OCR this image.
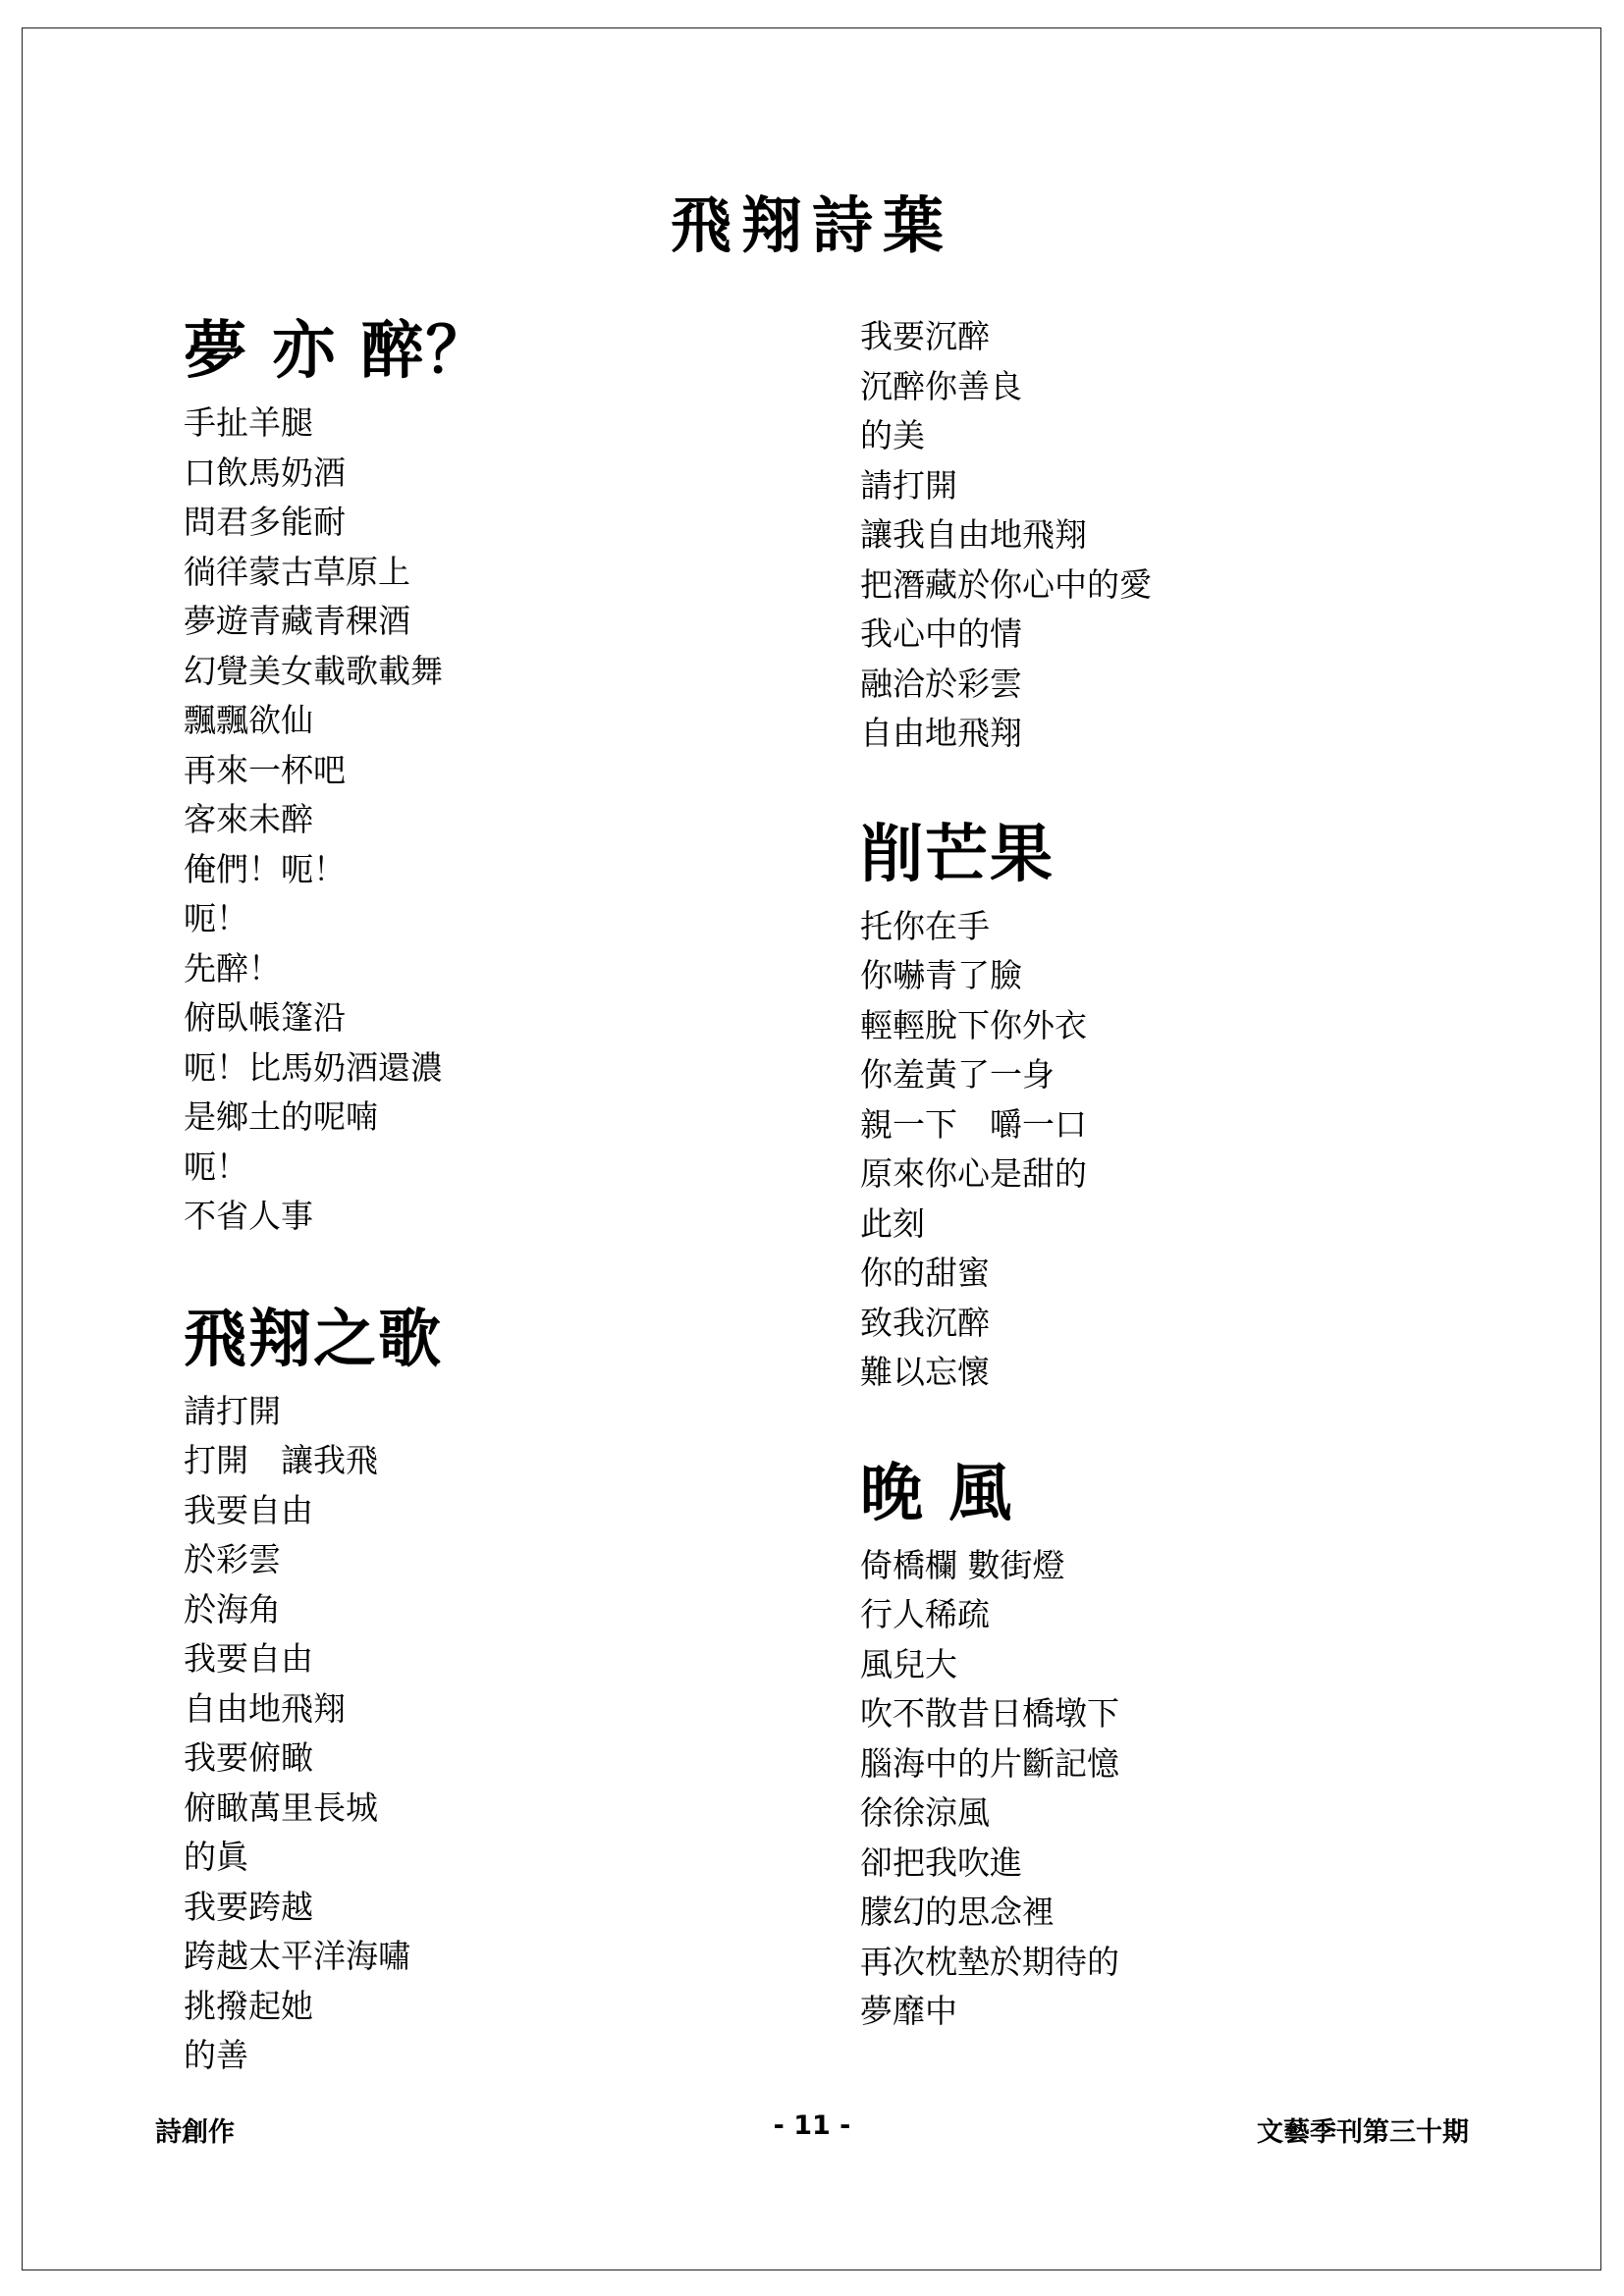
飛翔詩葉
夢 亦 醉？
手扯羊腿
口飲馬奶酒
問君多能耐
徜徉蒙古草原上
夢遊青藏青稞酒
幻覺美女載歌載舞
飄飄欲仙
再來一杯吧
客來未醉
俺們！呃！
呃！
先醉！
俯臥帳篷沿
呃！比馬奶酒還濃
是鄉土的呢喃
呃！
不省人事
飛翔之歌
請打開
打開　讓我飛
我要自由
於彩雲
於海角
我要自由
自由地飛翔
我要俯瞰
俯瞰萬里長城
的眞
我要跨越
跨越太平洋海嘯
挑撥起她
的善
我要沉醉
沉醉你善良
的美
請打開
讓我自由地飛翔
把潛藏於你心中的愛
我心中的情
融洽於彩雲
自由地飛翔
削芒果
托你在手
你嚇青了臉
輕輕脫下你外衣
你羞黃了一身
親一下　嚼一口
原來你心是甜的
此刻
你的甜蜜
致我沉醉
難以忘懷
晚 風
倚橋欄 數街燈
行人稀疏
風兒大
吹不散昔日橋墩下
腦海中的片斷記憶
徐徐涼風
卻把我吹進
朦幻的思念裡
再次枕墊於期待的
夢靡中
詩創作	- 11 -	文藝季刊第三十期
